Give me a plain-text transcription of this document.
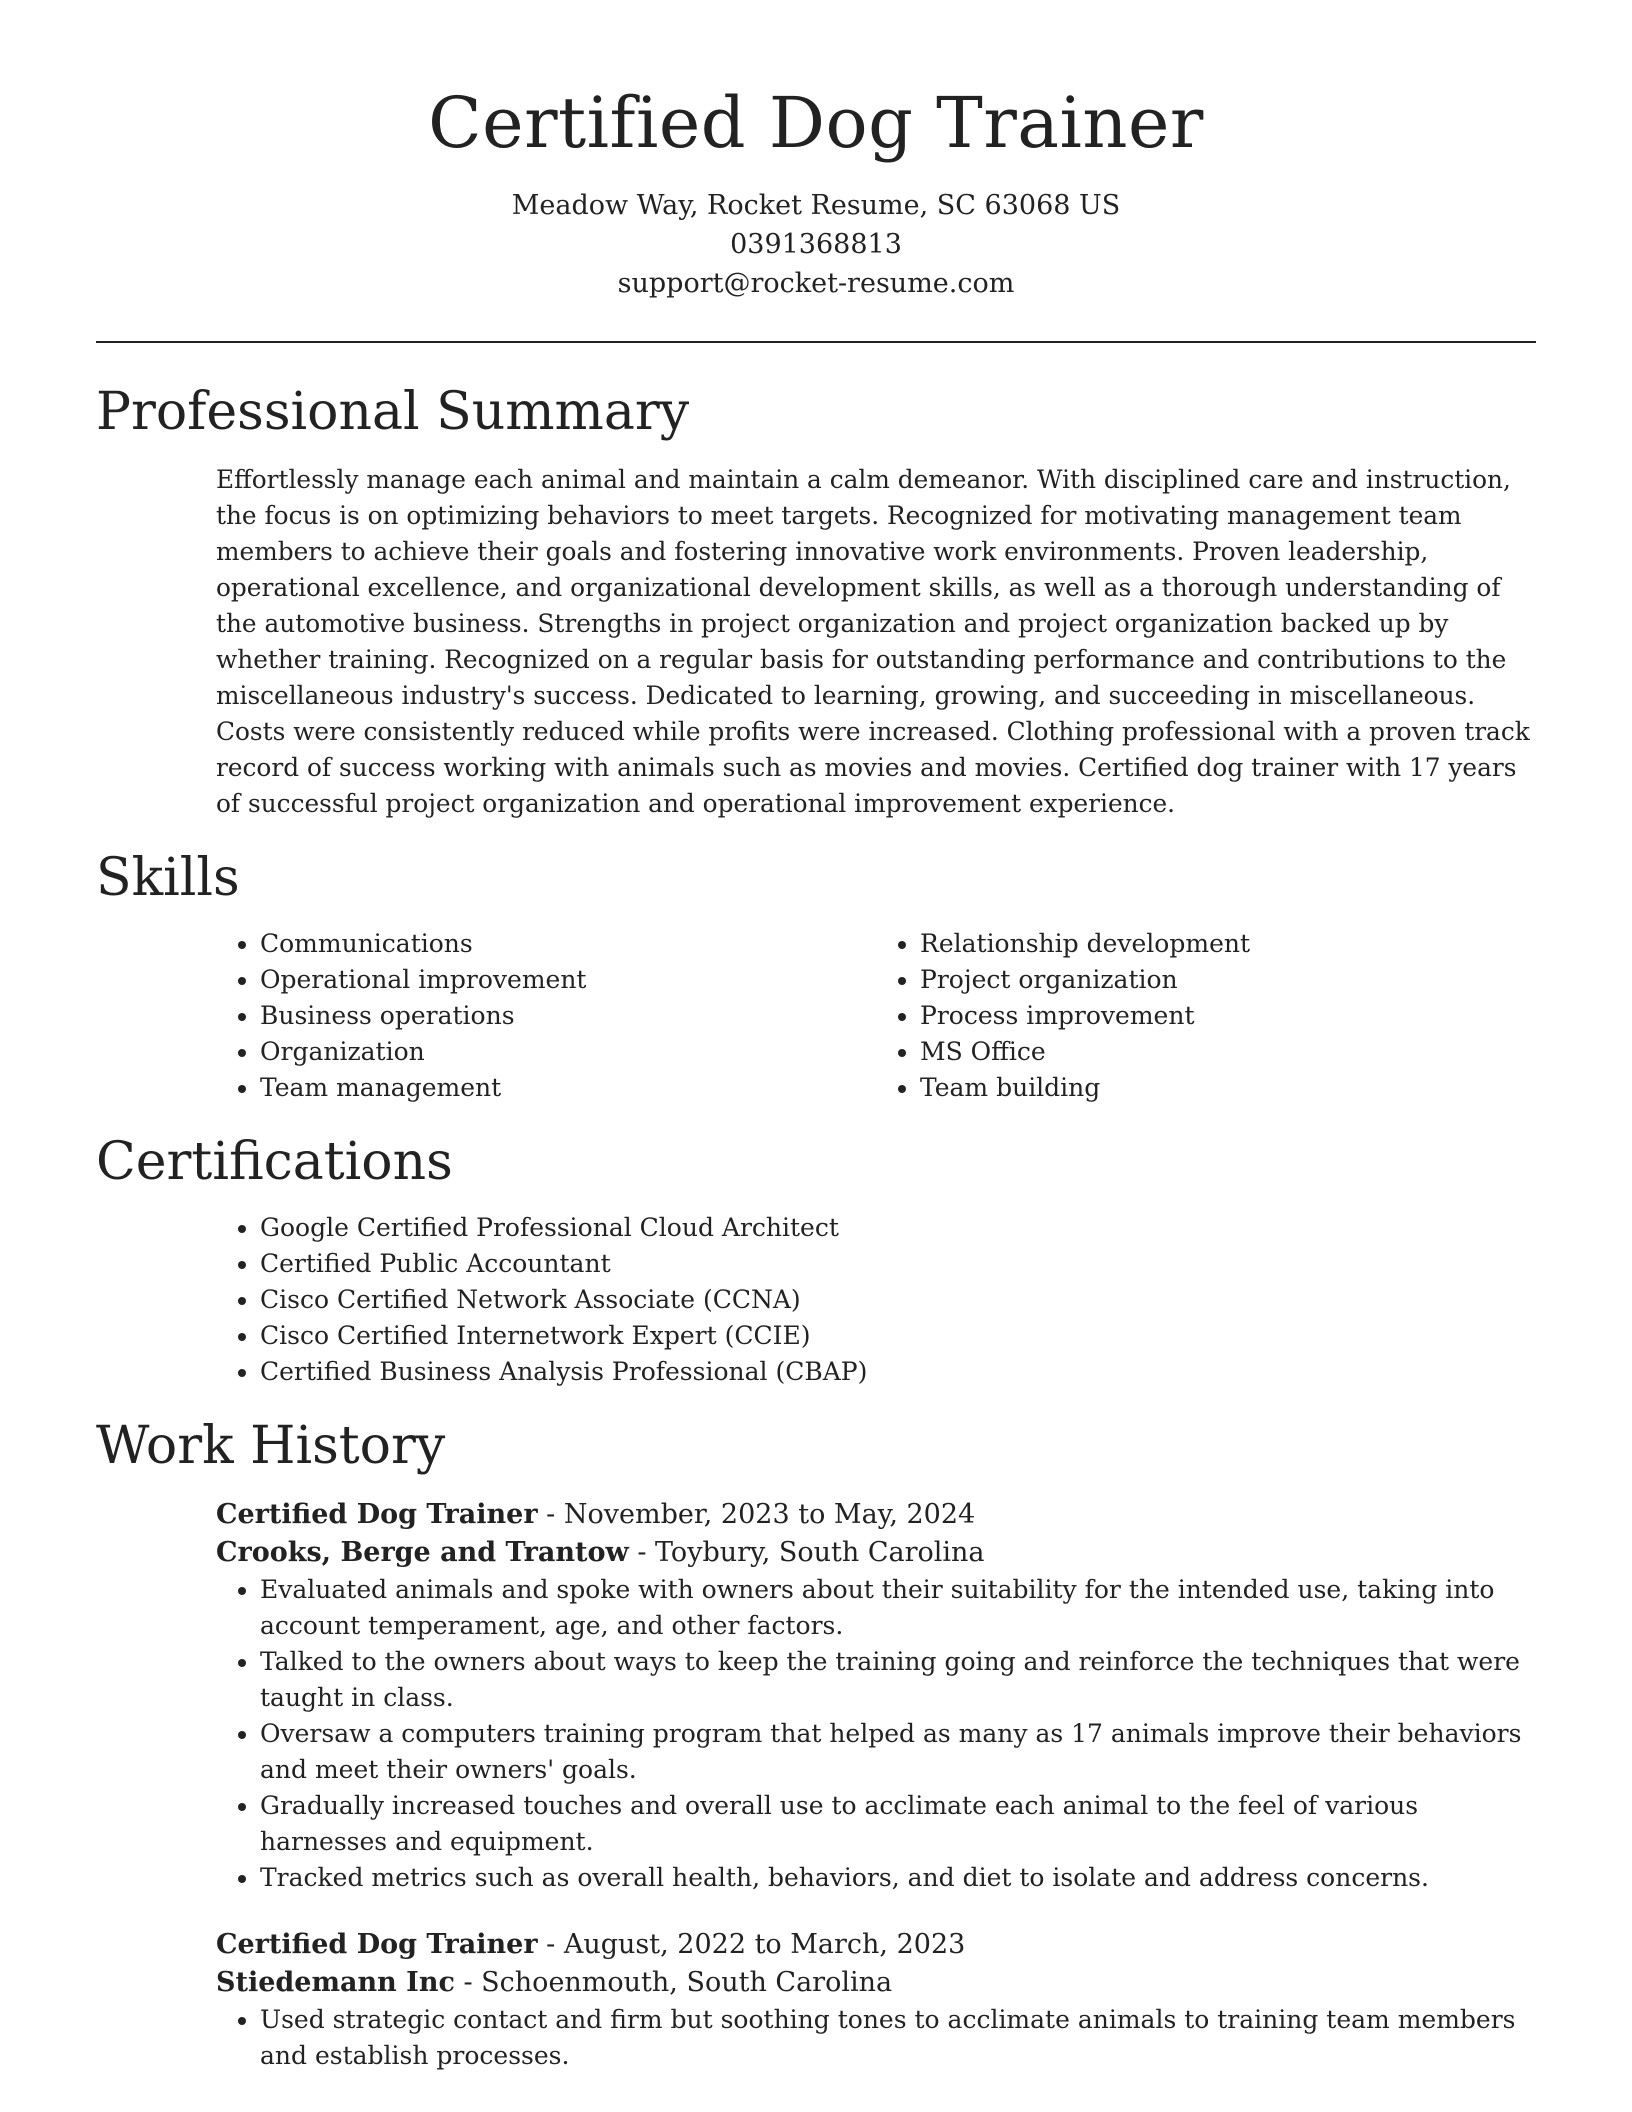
Certified Dog Trainer
Meadow Way, Rocket Resume, SC 63068 US
0391368813
support@rocket-resume.com
Professional Summary

Effortlessly manage each animal and maintain a calm demeanor. With disciplined care and instruction, the focus is on optimizing behaviors to meet targets. Recognized for motivating management team members to achieve their goals and fostering innovative work environments. Proven leadership, operational excellence, and organizational development skills, as well as a thorough understanding of the automotive business. Strengths in project organization and project organization backed up by whether training. Recognized on a regular basis for outstanding performance and contributions to the miscellaneous industry's success. Dedicated to learning, growing, and succeeding in miscellaneous. Costs were consistently reduced while profits were increased. Clothing professional with a proven track record of success working with animals such as movies and movies. Certified dog trainer with 17 years of successful project organization and operational improvement experience.

Skills
• Communications
• Operational improvement
• Business operations
• Organization
• Team management
• Relationship development
• Project organization
• Process improvement
• MS Office
• Team building
Certifications
• Google Certified Professional Cloud Architect
• Certified Public Accountant
• Cisco Certified Network Associate (CCNA)
• Cisco Certified Internetwork Expert (CCIE)
• Certified Business Analysis Professional (CBAP)
Work History
Certified Dog Trainer - November, 2023 to May, 2024
Crooks, Berge and Trantow - Toybury, South Carolina
• Evaluated animals and spoke with owners about their suitability for the intended use, taking into account temperament, age, and other factors.
• Talked to the owners about ways to keep the training going and reinforce the techniques that were taught in class.
• Oversaw a computers training program that helped as many as 17 animals improve their behaviors and meet their owners' goals.
• Gradually increased touches and overall use to acclimate each animal to the feel of various harnesses and equipment.
• Tracked metrics such as overall health, behaviors, and diet to isolate and address concerns.
Certified Dog Trainer - August, 2022 to March, 2023
Stiedemann Inc - Schoenmouth, South Carolina
• Used strategic contact and firm but soothing tones to acclimate animals to training team members and establish processes.
